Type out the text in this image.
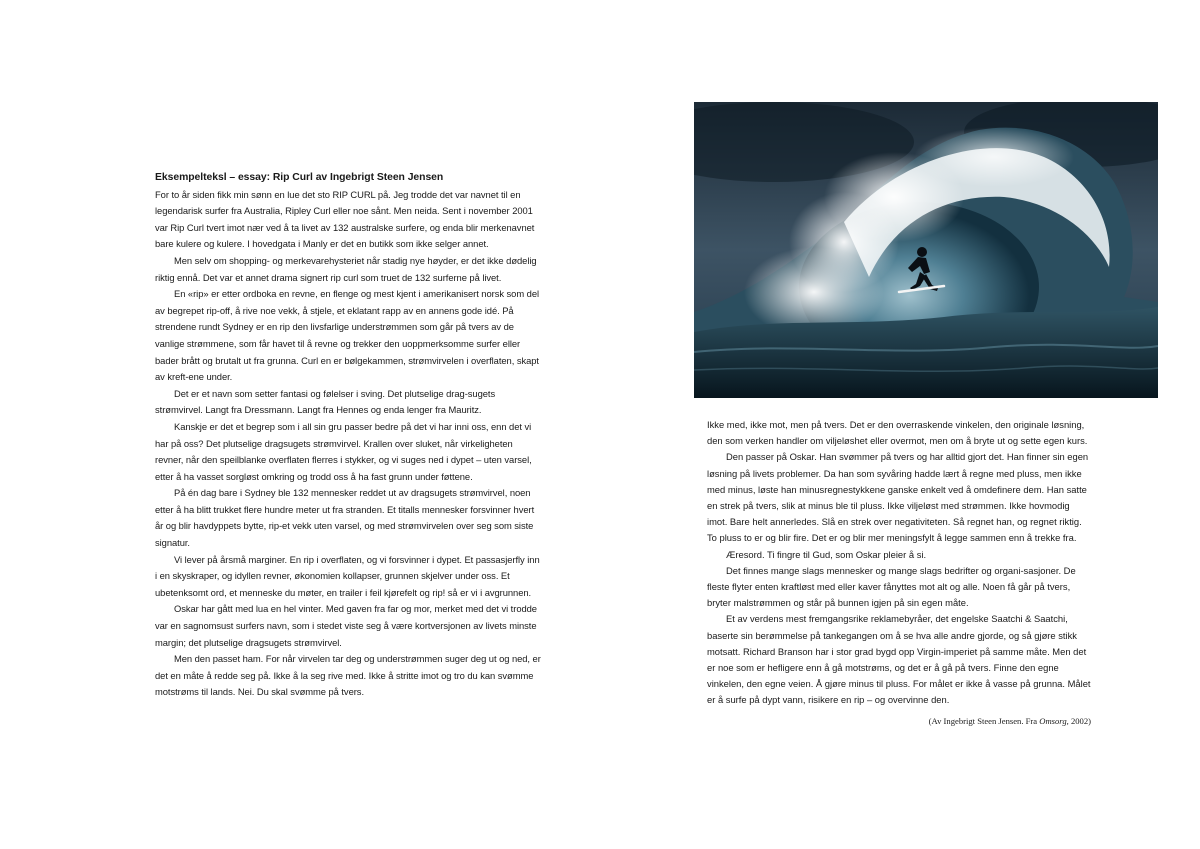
Eksempelteksl – essay: Rip Curl av Ingebrigt Steen Jensen

For to år siden fikk min sønn en lue det sto RIP CURL på. Jeg trodde det var navnet til en legendarisk surfer fra Australia, Ripley Curl eller noe sånt. Men neida. Sent i november 2001 var Rip Curl tvert imot nær ved å ta livet av 132 australske surfere, og enda blir merkenavnet bare kulere og kulere. I hovedgata i Manly er det en butikk som ikke selger annet.

Men selv om shopping- og merkevarehysteriet når stadig nye høyder, er det ikke dødelig riktig ennå. Det var et annet drama signert rip curl som truet de 132 surferne på livet.

En «rip» er etter ordboka en revne, en flenge og mest kjent i amerikanisert norsk som del av begrepet rip-off, å rive noe vekk, å stjele, et eklatant rapp av en annens gode idé. På strendene rundt Sydney er en rip den livsfarlige understrømmen som går på tvers av de vanlige strømmene, som får havet til å revne og trekker den uoppmerksomme surfer eller bader brått og brutalt ut fra grunna. Curl en er bølgekammen, strømvirvelen i overflaten, skapt av kreft-ene under.

Det er et navn som setter fantasi og følelser i sving. Det plutselige drag-sugets strømvirvel. Langt fra Dressmann. Langt fra Hennes og enda lenger fra Mauritz.

Kanskje er det et begrep som i all sin gru passer bedre på det vi har inni oss, enn det vi har på oss? Det plutselige dragsugets strømvirvel. Krallen over sluket, når virkeligheten revner, når den speilblanke overflaten flerres i stykker, og vi suges ned i dypet – uten varsel, etter å ha vasset sorgløst omkring og trodd oss å ha fast grunn under føttene.

På én dag bare i Sydney ble 132 mennesker reddet ut av dragsugets strømvirvel, noen etter å ha blitt trukket flere hundre meter ut fra stranden. Et titalls mennesker forsvinner hvert år og blir havdyppets bytte, rip-et vekk uten varsel, og med strømvirvelen over seg som siste signatur.

Vi lever på årsmå marginer. En rip i overflaten, og vi forsvinner i dypet. Et passasjerfly inn i en skyskraper, og idyllen revner, økonomien kollapser, grunnen skjelver under oss. Et ubetenksomt ord, et menneske du møter, en trailer i feil kjørefelt og rip! så er vi i avgrunnen.

Oskar har gått med lua en hel vinter. Med gaven fra far og mor, merket med det vi trodde var en sagnomsust surfers navn, som i stedet viste seg å være kortversjonen av livets minste margin; det plutselige dragsugets strømvirvel.

Men den passet ham. For når virvelen tar deg og understrømmen suger deg ut og ned, er det en måte å redde seg på. Ikke å la seg rive med. Ikke å stritte imot og tro du kan svømme motstrøms til lands. Nei. Du skal svømme på tvers.

Ikke med, ikke mot, men på tvers. Det er den overraskende vinkelen, den originale løsning, den som verken handler om viljeløshet eller overmot, men om å bryte ut og sette egen kurs.

Den passer på Oskar. Han svømmer på tvers og har alltid gjort det. Han finner sin egen løsning på livets problemer. Da han som syvåring hadde lært å regne med pluss, men ikke med minus, løste han minusregnestykkene ganske enkelt ved å omdefinere dem. Han satte en strek på tvers, slik at minus ble til pluss. Ikke viljeløst med strømmen. Ikke hovmodig imot. Bare helt annerledes. Slå en strek over negativiteten. Så regnet han, og regnet riktig. To pluss to er og blir fire. Det er og blir mer meningsfylt å legge sammen enn å trekke fra.

Æresord. Ti fingre til Gud, som Oskar pleier å si.

Det finnes mange slags mennesker og mange slags bedrifter og organi-sasjoner. De fleste flyter enten kraftløst med eller kaver fånyttes mot alt og alle. Noen få går på tvers, bryter malstrømmen og står på bunnen igjen på sin egen måte.

Et av verdens mest fremgangsrike reklamebyråer, det engelske Saatchi & Saatchi, baserte sin berømmelse på tankegangen om å se hva alle andre gjorde, og så gjøre stikk motsatt. Richard Branson har i stor grad bygd opp Virgin-imperiet på samme måte. Men det er noe som er hefligere enn å gå motstrøms, og det er å gå på tvers. Finne den egne vinkelen, den egne veien. Å gjøre minus til pluss. For målet er ikke å vasse på grunna. Målet er å surfe på dypt vann, risikere en rip – og overvinne den.

(Av Ingebrigt Steen Jensen. Fra Omsorg, 2002)
